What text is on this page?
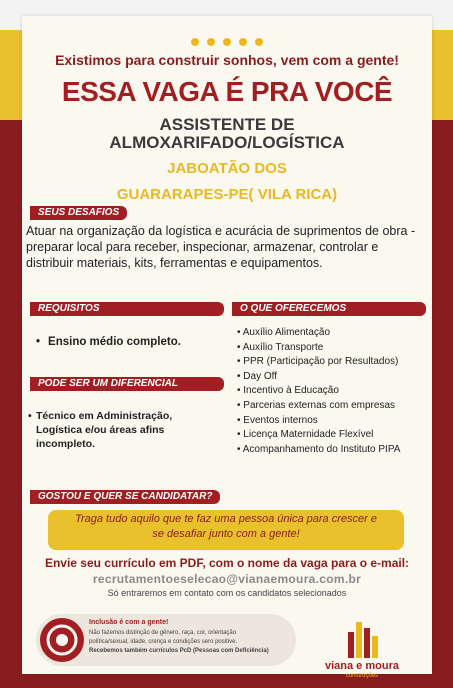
Existimos para construir sonhos, vem com a gente!
ESSA VAGA É PRA VOCÊ
ASSISTENTE DE
ALMOXARIFADO/LOGÍSTICA
JABOATÃO DOS
GUARARAPES-PE( VILA RICA)
SEUS DESAFIOS
Atuar na organização da logística e acurácia de suprimentos de obra - preparar local para receber, inspecionar, armazenar, controlar e distribuir materiais, kits, ferramentas e equipamentos.
REQUISITOS
• Ensino médio completo.
PODE SER UM DIFERENCIAL
• Técnico em Administração, Logística e/ou áreas afins incompleto.
O QUE OFERECEMOS
• Auxílio Alimentação
• Auxílio Transporte
• PPR (Participação por Resultados)
• Day Off
• Incentivo à Educação
• Parcerias externas com empresas
• Eventos internos
• Licença Maternidade Flexível
• Acompanhamento do Instituto PIPA
GOSTOU E QUER SE CANDIDATAR?
Traga tudo aquilo que te faz uma pessoa única para crescer e
se desafiar junto com a gente!
Envie seu currículo em PDF, com o nome da vaga para o e-mail:
recrutamentoeselecao@vianaemoura.com.br
Só entraremos em contato com os candidatos selecionados
Inclusão é com a gente!
Não fazemos distinção de gênero, raça, cor, orientação
política/sexual, idade, crença e condições sero positive.
Recebemos também currículos PcD (Pessoas com Deficiência)
viana e moura
construções
